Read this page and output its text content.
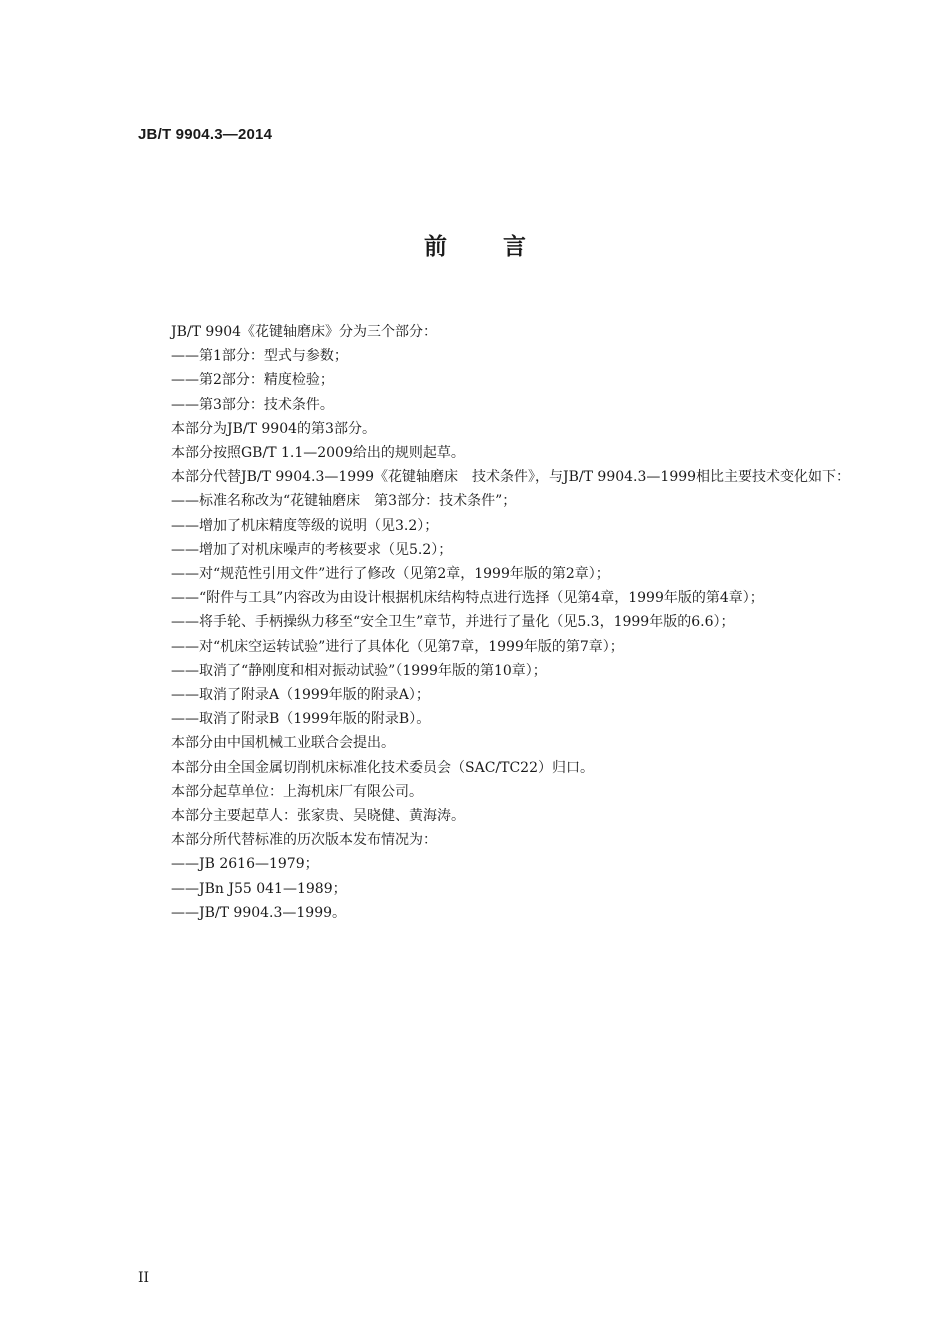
JB/T 9904.3—2014
前言

JB/T 9904《花键轴磨床》分为三个部分：

——第1部分：型式与参数；

——第2部分：精度检验；

——第3部分：技术条件。

本部分为JB/T 9904的第3部分。

本部分按照GB/T 1.1—2009给出的规则起草。

本部分代替JB/T 9904.3—1999《花键轴磨床　技术条件》，与JB/T 9904.3—1999相比主要技术变化如下：

——标准名称改为“花键轴磨床　第3部分：技术条件”；

——增加了机床精度等级的说明（见3.2）；

——增加了对机床噪声的考核要求（见5.2）；

——对“规范性引用文件”进行了修改（见第2章，1999年版的第2章）；

——“附件与工具”内容改为由设计根据机床结构特点进行选择（见第4章，1999年版的第4章）；

——将手轮、手柄操纵力移至“安全卫生”章节，并进行了量化（见5.3，1999年版的6.6）；

——对“机床空运转试验”进行了具体化（见第7章，1999年版的第7章）；

——取消了“静刚度和相对振动试验”（1999年版的第10章）；

——取消了附录A（1999年版的附录A）；

——取消了附录B（1999年版的附录B）。

本部分由中国机械工业联合会提出。

本部分由全国金属切削机床标准化技术委员会（SAC/TC22）归口。

本部分起草单位：上海机床厂有限公司。

本部分主要起草人：张家贵、吴晓健、黄海涛。

本部分所代替标准的历次版本发布情况为：

——JB 2616—1979；

——JBn J55 041—1989；

——JB/T 9904.3—1999。

II
